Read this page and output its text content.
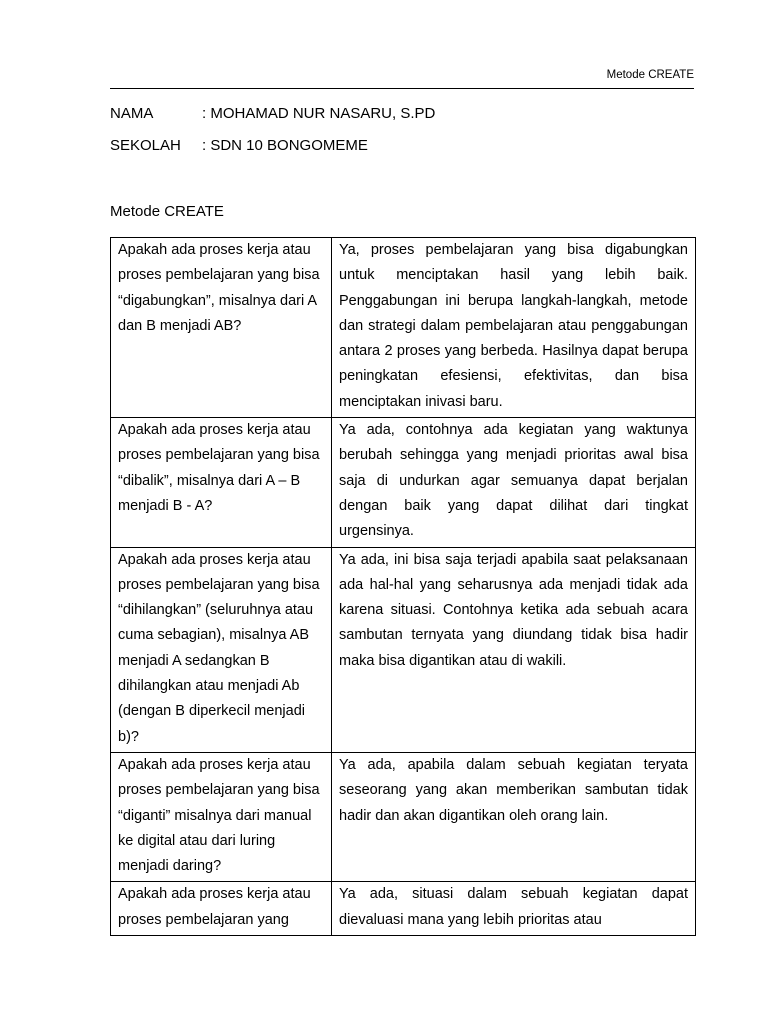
Metode CREATE
NAMA	: MOHAMAD NUR NASARU, S.PD
SEKOLAH : SDN 10 BONGOMEME
Metode CREATE
Apakah ada proses kerja atau proses pembelajaran yang bisa “digabungkan”, misalnya dari A dan B menjadi AB?	Ya, proses pembelajaran yang bisa digabungkan untuk menciptakan hasil yang lebih baik. Penggabungan ini berupa langkah-langkah, metode dan strategi dalam pembelajaran atau penggabungan antara 2 proses yang berbeda. Hasilnya dapat berupa peningkatan efesiensi, efektivitas, dan bisa menciptakan inivasi baru.

Apakah ada proses kerja atau proses pembelajaran yang bisa “dibalik”, misalnya dari A – B menjadi B - A?	Ya ada, contohnya ada kegiatan yang waktunya berubah sehingga yang menjadi prioritas awal bisa saja di undurkan agar semuanya dapat berjalan dengan baik yang dapat dilihat dari tingkat urgensinya.

Apakah ada proses kerja atau proses pembelajaran yang bisa “dihilangkan” (seluruhnya atau cuma sebagian), misalnya AB menjadi A sedangkan B dihilangkan atau menjadi Ab (dengan B diperkecil menjadi b)?	Ya ada, ini bisa saja terjadi apabila saat pelaksanaan ada hal-hal yang seharusnya ada menjadi tidak ada karena situasi. Contohnya ketika ada sebuah acara sambutan ternyata yang diundang tidak bisa hadir maka bisa digantikan atau di wakili.

Apakah ada proses kerja atau proses pembelajaran yang bisa “diganti” misalnya dari manual ke digital atau dari luring menjadi daring?	Ya ada, apabila dalam sebuah kegiatan teryata seseorang yang akan memberikan sambutan tidak hadir dan akan digantikan oleh orang lain.

Apakah ada proses kerja atau proses pembelajaran yang	Ya ada, situasi dalam sebuah kegiatan dapat dievaluasi mana yang lebih prioritas atau
